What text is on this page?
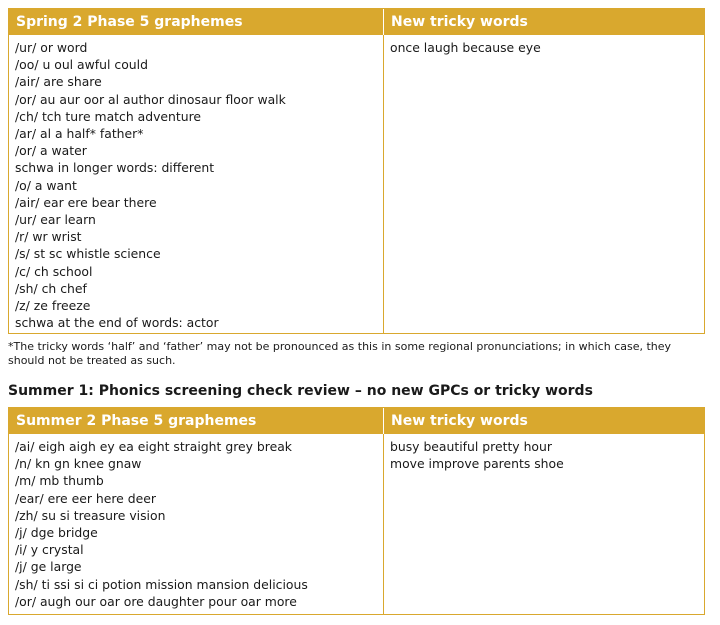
Spring 2 Phase 5 graphemes	New tricky words
/ur/ or word
/oo/ u oul awful could
/air/ are share
/or/ au aur oor al author dinosaur floor walk
/ch/ tch ture match adventure
/ar/ al a half* father*
/or/ a water
schwa in longer words: different
/o/ a want
/air/ ear ere bear there
/ur/ ear learn
/r/ wr wrist
/s/ st sc whistle science
/c/ ch school
/sh/ ch chef
/z/ ze freeze
schwa at the end of words: actor
once laugh because eye
*The tricky words ‘half’ and ‘father’ may not be pronounced as this in some regional pronunciations; in which case, they should not be treated as such.
Summer 1: Phonics screening check review – no new GPCs or tricky words
Summer 2 Phase 5 graphemes	New tricky words
/ai/ eigh aigh ey ea eight straight grey break
/n/ kn gn knee gnaw
/m/ mb thumb
/ear/ ere eer here deer
/zh/ su si treasure vision
/j/ dge bridge
/i/ y crystal
/j/ ge large
/sh/ ti ssi si ci potion mission mansion delicious
/or/ augh our oar ore daughter pour oar more
busy beautiful pretty hour
move improve parents shoe
